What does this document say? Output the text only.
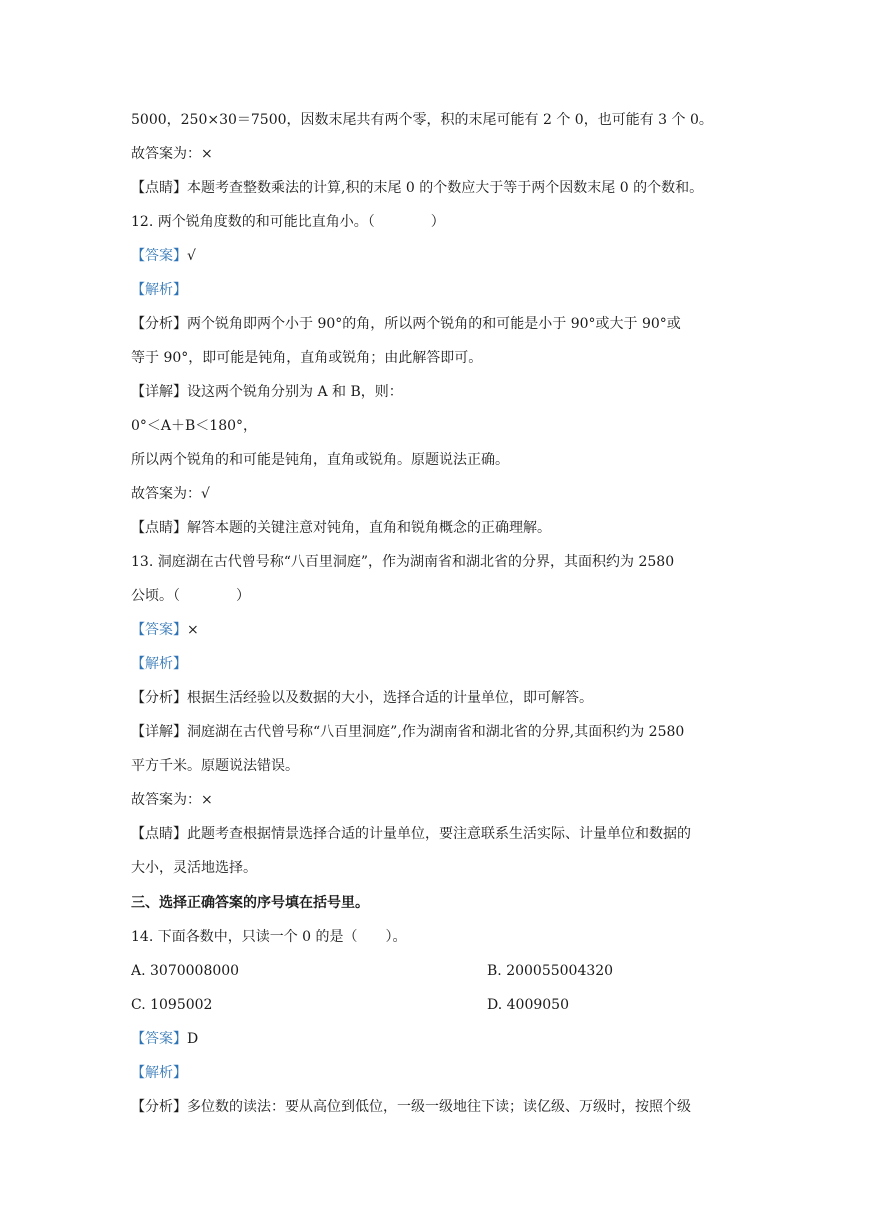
5000，250×30＝7500，因数末尾共有两个零，积的末尾可能有 2 个 0，也可能有 3 个 0。
故答案为：×
【点睛】本题考查整数乘法的计算,积的末尾 0 的个数应大于等于两个因数末尾 0 的个数和。
12. 两个锐角度数的和可能比直角小。（　　　　）
【答案】√
【解析】
【分析】两个锐角即两个小于 90°的角，所以两个锐角的和可能是小于 90°或大于 90°或
等于 90°，即可能是钝角，直角或锐角；由此解答即可。
【详解】设这两个锐角分别为 A 和 B，则：
0°＜A＋B＜180°，
所以两个锐角的和可能是钝角，直角或锐角。原题说法正确。
故答案为：√
【点睛】解答本题的关键注意对钝角，直角和锐角概念的正确理解。
13. 洞庭湖在古代曾号称“八百里洞庭”，作为湖南省和湖北省的分界，其面积约为 2580
公顷。（　　　　）
【答案】×
【解析】
【分析】根据生活经验以及数据的大小，选择合适的计量单位，即可解答。
【详解】洞庭湖在古代曾号称“八百里洞庭”,作为湖南省和湖北省的分界,其面积约为 2580
平方千米。原题说法错误。
故答案为：×
【点睛】此题考查根据情景选择合适的计量单位，要注意联系生活实际、计量单位和数据的
大小，灵活地选择。
三、选择正确答案的序号填在括号里。
14. 下面各数中，只读一个 0 的是（　　）。
A. 3070008000	B. 200055004320
C. 1095002	D. 4009050
【答案】D
【解析】
【分析】多位数的读法：要从高位到低位，一级一级地往下读；读亿级、万级时，按照个级
